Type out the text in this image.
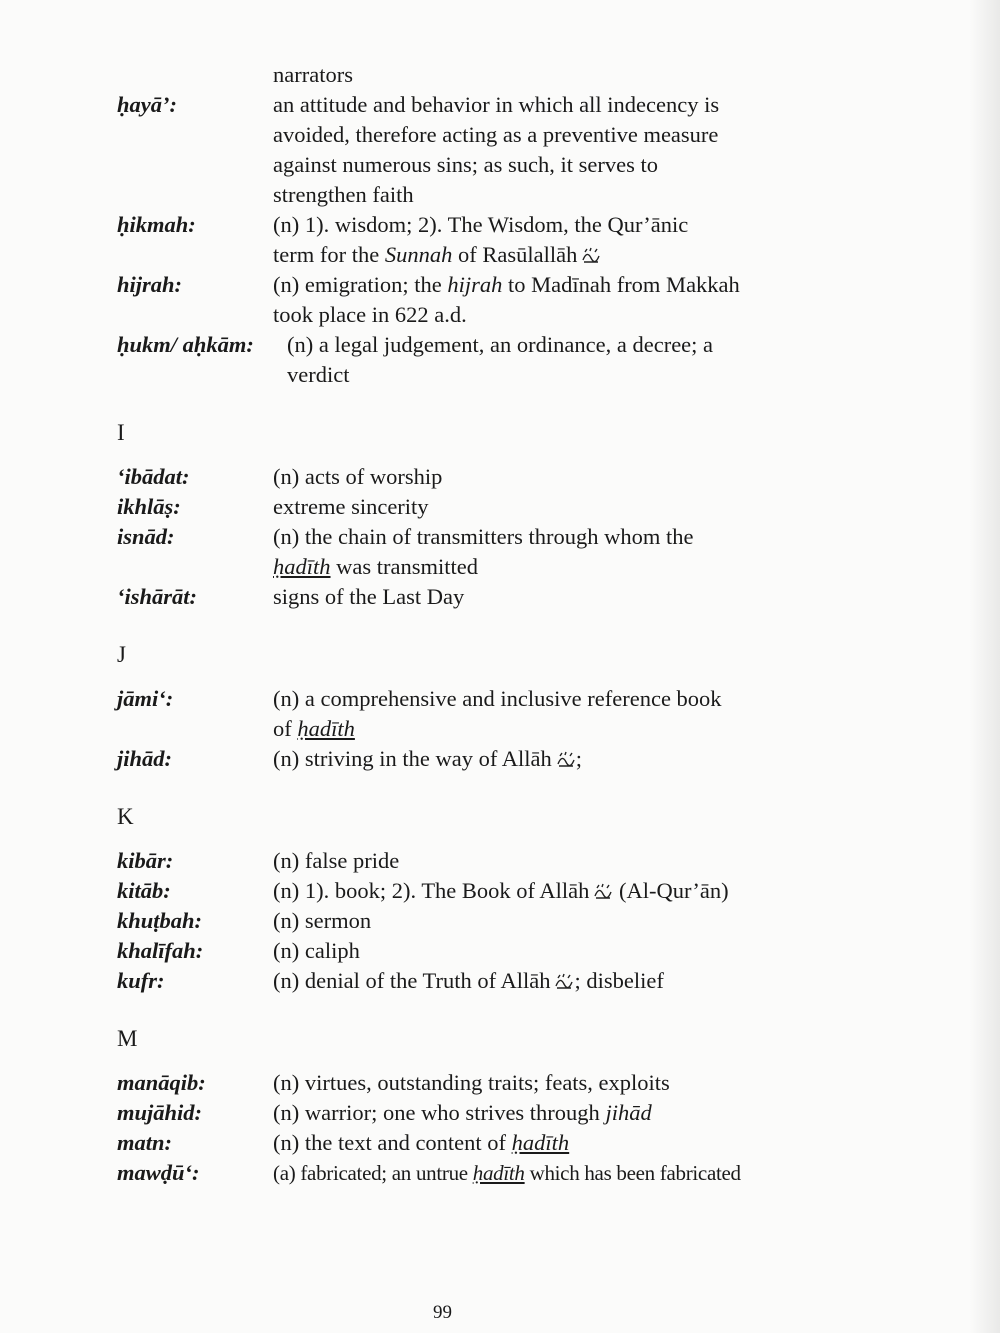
narrators
ḥayā’:	an attitude and behavior in which all indecency is
avoided, therefore acting as a preventive measure
against numerous sins; as such, it serves to
strengthen faith
ḥikmah:	(n) 1). wisdom; 2). The Wisdom, the Qur’ānic
term for the Sunnah of Rasūlallāh
hijrah:	(n) emigration; the hijrah to Madīnah from Makkah
took place in 622 a.d.
ḥukm/ aḥkām:	(n) a legal judgement, an ordinance, a decree; a
verdict
I
‘ibādat:	(n) acts of worship
ikhlāṣ:	extreme sincerity
isnād:	(n) the chain of transmitters through whom the
ḥadīth was transmitted
‘ishārāt:	signs of the Last Day
J
jāmi‘:	(n) a comprehensive and inclusive reference book
of ḥadīth
jihād:	(n) striving in the way of Allāh ;
K
kibār:	(n) false pride
kitāb:	(n) 1). book; 2). The Book of Allāh
(Al-Qur’ān)
khuṭbah:	(n) sermon
khalīfah:	(n) caliph
kufr:	(n) denial of the Truth of Allāh ; disbelief
M
manāqib:	(n) virtues, outstanding traits; feats, exploits
mujāhid:	(n) warrior; one who strives through jihād
matn:	(n) the text and content of ḥadīth
mawḍū‘:	(a) fabricated; an untrue ḥadīth which has been fabricated
99
